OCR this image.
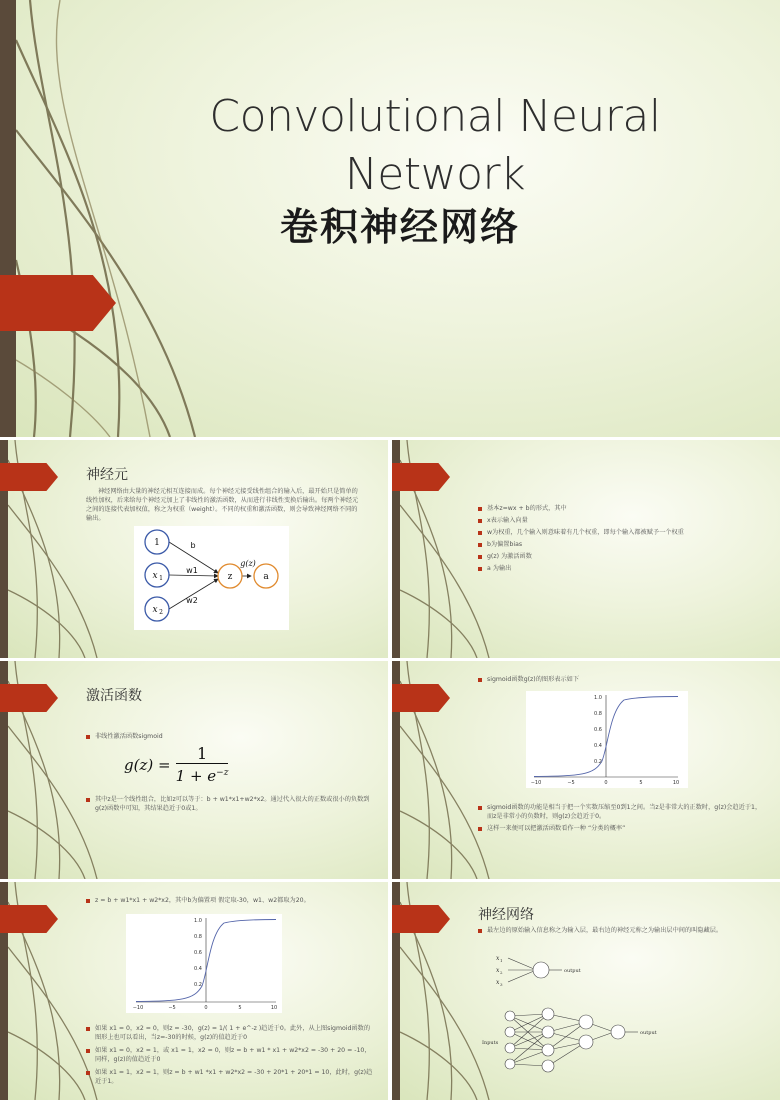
Convolutional Neural Network
卷积神经网络
神经元
神经网络由大量的神经元相互连接而成。每个神经元接受线性组合的输入后，最开始只是简单的线性加权，后来给每个神经元加上了非线性的激活函数，从而进行非线性变换后输出。每两个神经元之间的连接代表加权值，称之为权重（weight）。不同的权重和激活函数，则会导致神经网络不同的输出。
1
x 1
x 2
z	a
b
w1
w2
g(z)
基本z=wx + b的形式，其中
x表示输入向量
w为权重，几个输入则意味着有几个权重，即每个输入都被赋予一个权重
b为偏置bias
g(z) 为激活函数
a 为输出
激活函数
非线性激活函数sigmoid
$g(z) = \frac{1}{1 + e^{-z}}$
其中z是一个线性组合，比如z可以等于：b + w1*x1+w2*x2。通过代入很大的正数或很小的负数到g(z)函数中可知，其结果趋近于0或1。
sigmoid函数g(z)的图形表示如下
−10	−5	0	5	10
1.0
0.8
0.6
0.4
0.2
sigmoid函数的功能是相当于把一个实数压缩至0到1之间。当z是非常大的正数时，g(z)会趋近于1，而z是非常小的负数时，则g(z)会趋近于0。
这样一来便可以把激活函数看作一种 “分类的概率”
z = b + w1*x1 + w2*x2，其中b为偏置项 假定取-30，w1、w2都取为20。
−10	−5	0	5	10
1.0
0.8
0.6
0.4
0.2
如果 x1 = 0，x2 = 0，则z = -30，g(z) = 1/( 1 + e^-z )趋近于0。此外，从上图sigmoid函数的图形上也可以看出，当z=-30的时候，g(z)的值趋近于0
如果 x1 = 0，x2 = 1，或 x1 = 1，x2 = 0，则z = b + w1 * x1 + w2*x2 = -30 + 20 = -10，同样，g(z)的值趋近于0
如果 x1 = 1，x2 = 1，则z = b + w1 *x1 + w2*x2 = -30 + 20*1 + 20*1 = 10，此时，g(z)趋近于1。
神经网络
最左边的原始输入信息称之为输入层，最右边的神经元称之为输出层中间的叫隐藏层。
x 1
x 2
x 3
output
Inputs
output
